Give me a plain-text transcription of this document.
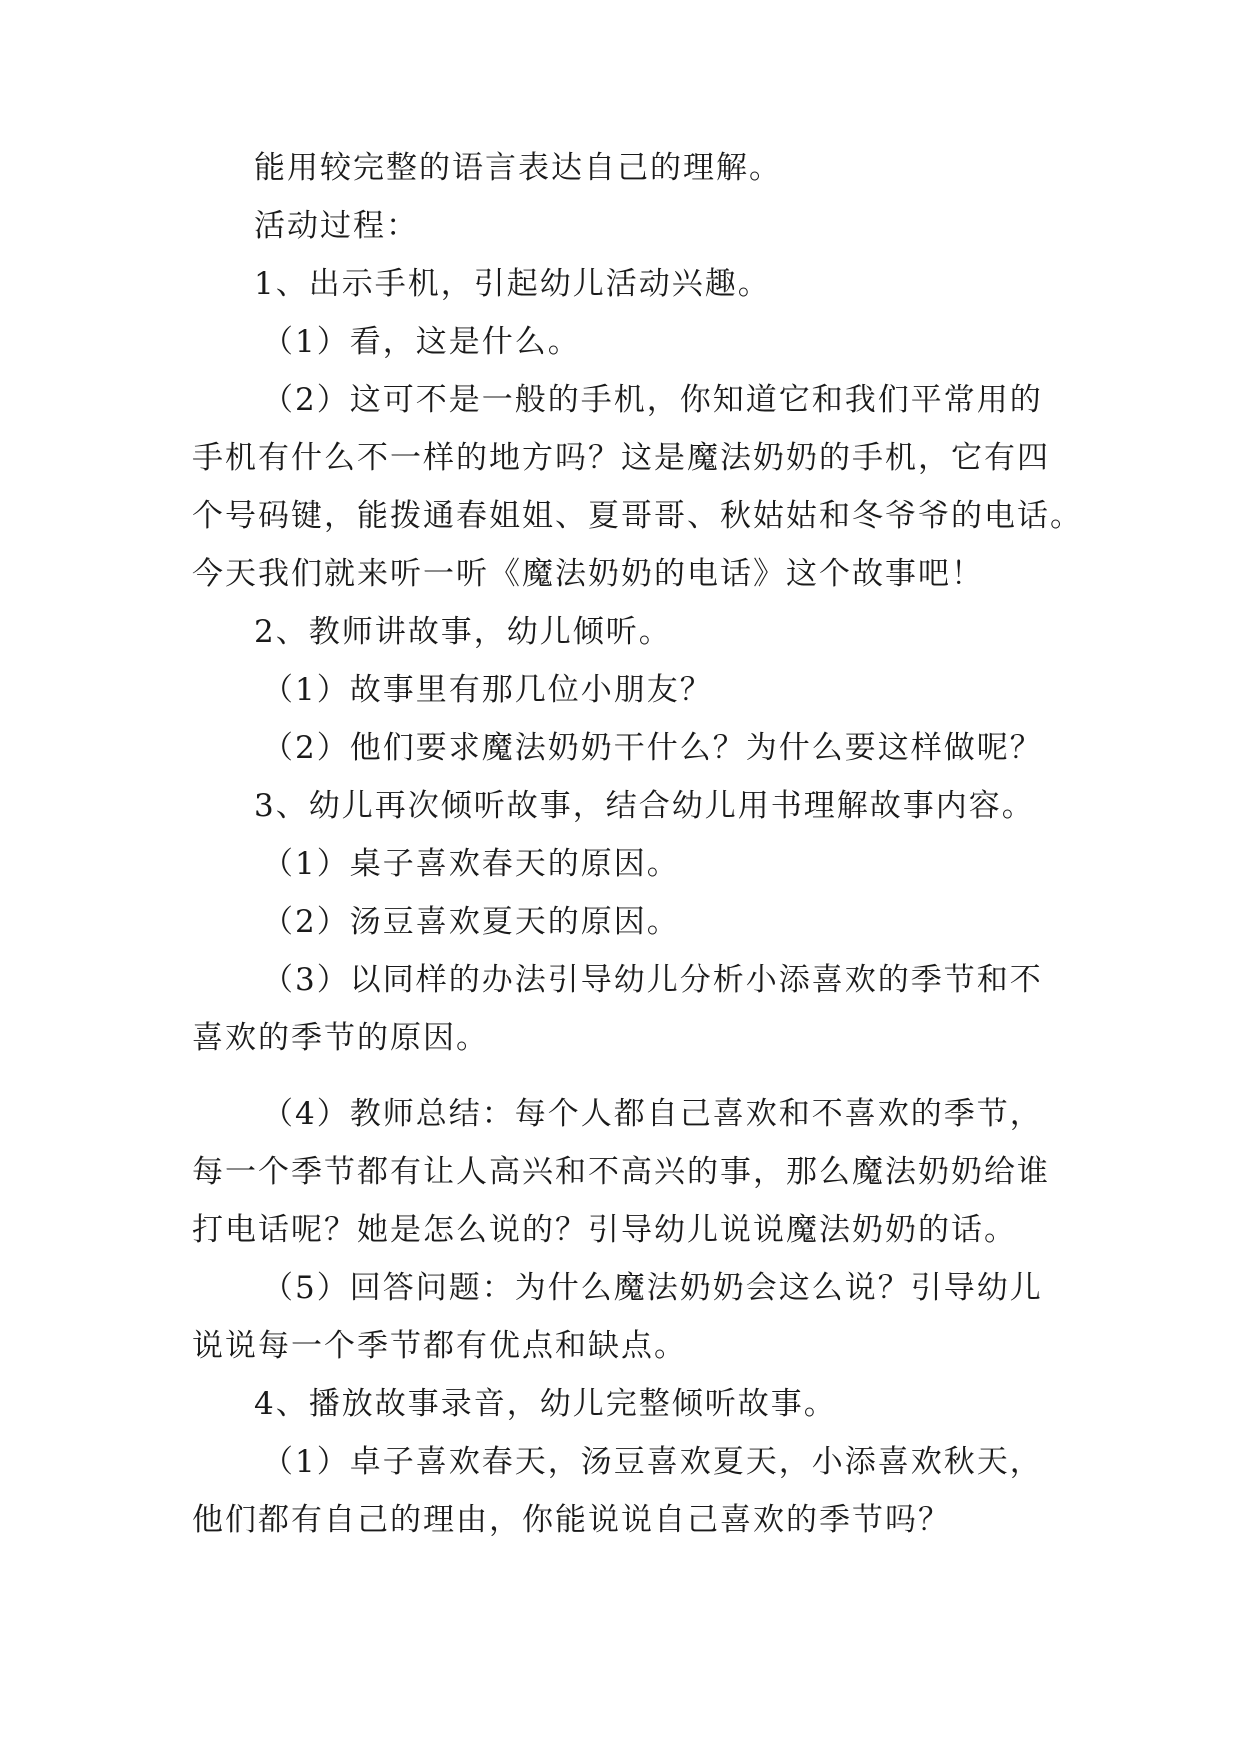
能用较完整的语言表达自己的理解。
活动过程：
1、出示手机，引起幼儿活动兴趣。
（1）看，这是什么。
（2）这可不是一般的手机，你知道它和我们平常用的
手机有什么不一样的地方吗？这是魔法奶奶的手机，它有四
个号码键，能拨通春姐姐、夏哥哥、秋姑姑和冬爷爷的电话。
今天我们就来听一听《魔法奶奶的电话》这个故事吧！
2、教师讲故事，幼儿倾听。
（1）故事里有那几位小朋友？
（2）他们要求魔法奶奶干什么？为什么要这样做呢？
3、幼儿再次倾听故事，结合幼儿用书理解故事内容。
（1）桌子喜欢春天的原因。
（2）汤豆喜欢夏天的原因。
（3）以同样的办法引导幼儿分析小添喜欢的季节和不
喜欢的季节的原因。
（4）教师总结：每个人都自己喜欢和不喜欢的季节，
每一个季节都有让人高兴和不高兴的事，那么魔法奶奶给谁
打电话呢？她是怎么说的？引导幼儿说说魔法奶奶的话。
（5）回答问题：为什么魔法奶奶会这么说？引导幼儿
说说每一个季节都有优点和缺点。
4、播放故事录音，幼儿完整倾听故事。
（1）卓子喜欢春天，汤豆喜欢夏天，小添喜欢秋天，
他们都有自己的理由，你能说说自己喜欢的季节吗？
